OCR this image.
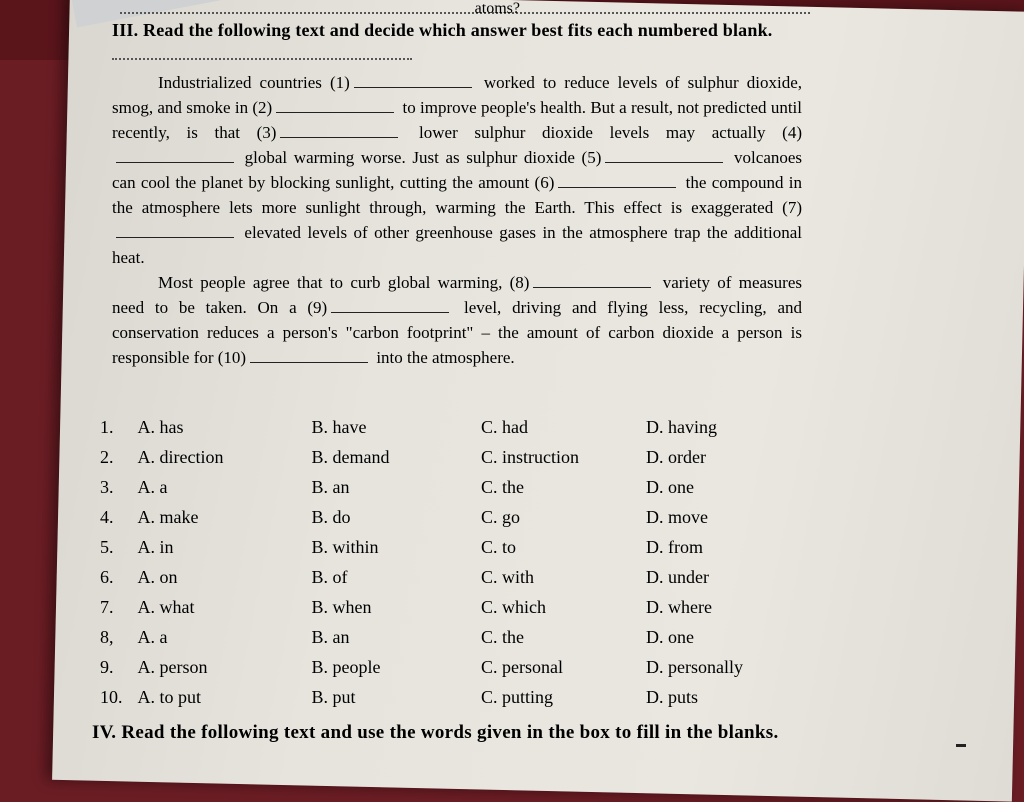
atoms?
III. Read the following text and decide which answer best fits each numbered blank.

Industrialized countries (1)	worked to reduce levels of sulphur dioxide, smog, and smoke in (2)	to improve people's health. But a result, not predicted until recently, is that (3)	lower sulphur dioxide levels may actually (4) global warming worse. Just as sulphur dioxide (5)	volcanoes can cool the planet by blocking sunlight, cutting the amount (6)	the compound in the atmosphere lets more sunlight through, warming the Earth. This effect is exaggerated (7) elevated levels of other greenhouse gases in the atmosphere trap the additional heat.

Most people agree that to curb global warming, (8)	variety of measures need to be taken. On a (9)	level, driving and flying less, recycling, and conservation reduces a person's "carbon footprint" – the amount of carbon dioxide a person is responsible for (10)	into the atmosphere.

1.	A. has	B. have	C. had	D. having
2.	A. direction	B. demand	C. instruction	D. order
3.	A. a	B. an	C. the	D. one
4.	A. make	B. do	C. go	D. move
5.	A. in	B. within	C. to	D. from
6.	A. on	B. of	C. with	D. under
7.	A. what	B. when	C. which	D. where
8,	A. a	B. an	C. the	D. one
9.	A. person	B. people	C. personal	D. personally
10. A. to put	B. put	C. putting	D. puts
IV. Read the following text and use the words given in the box to fill in the blanks.
